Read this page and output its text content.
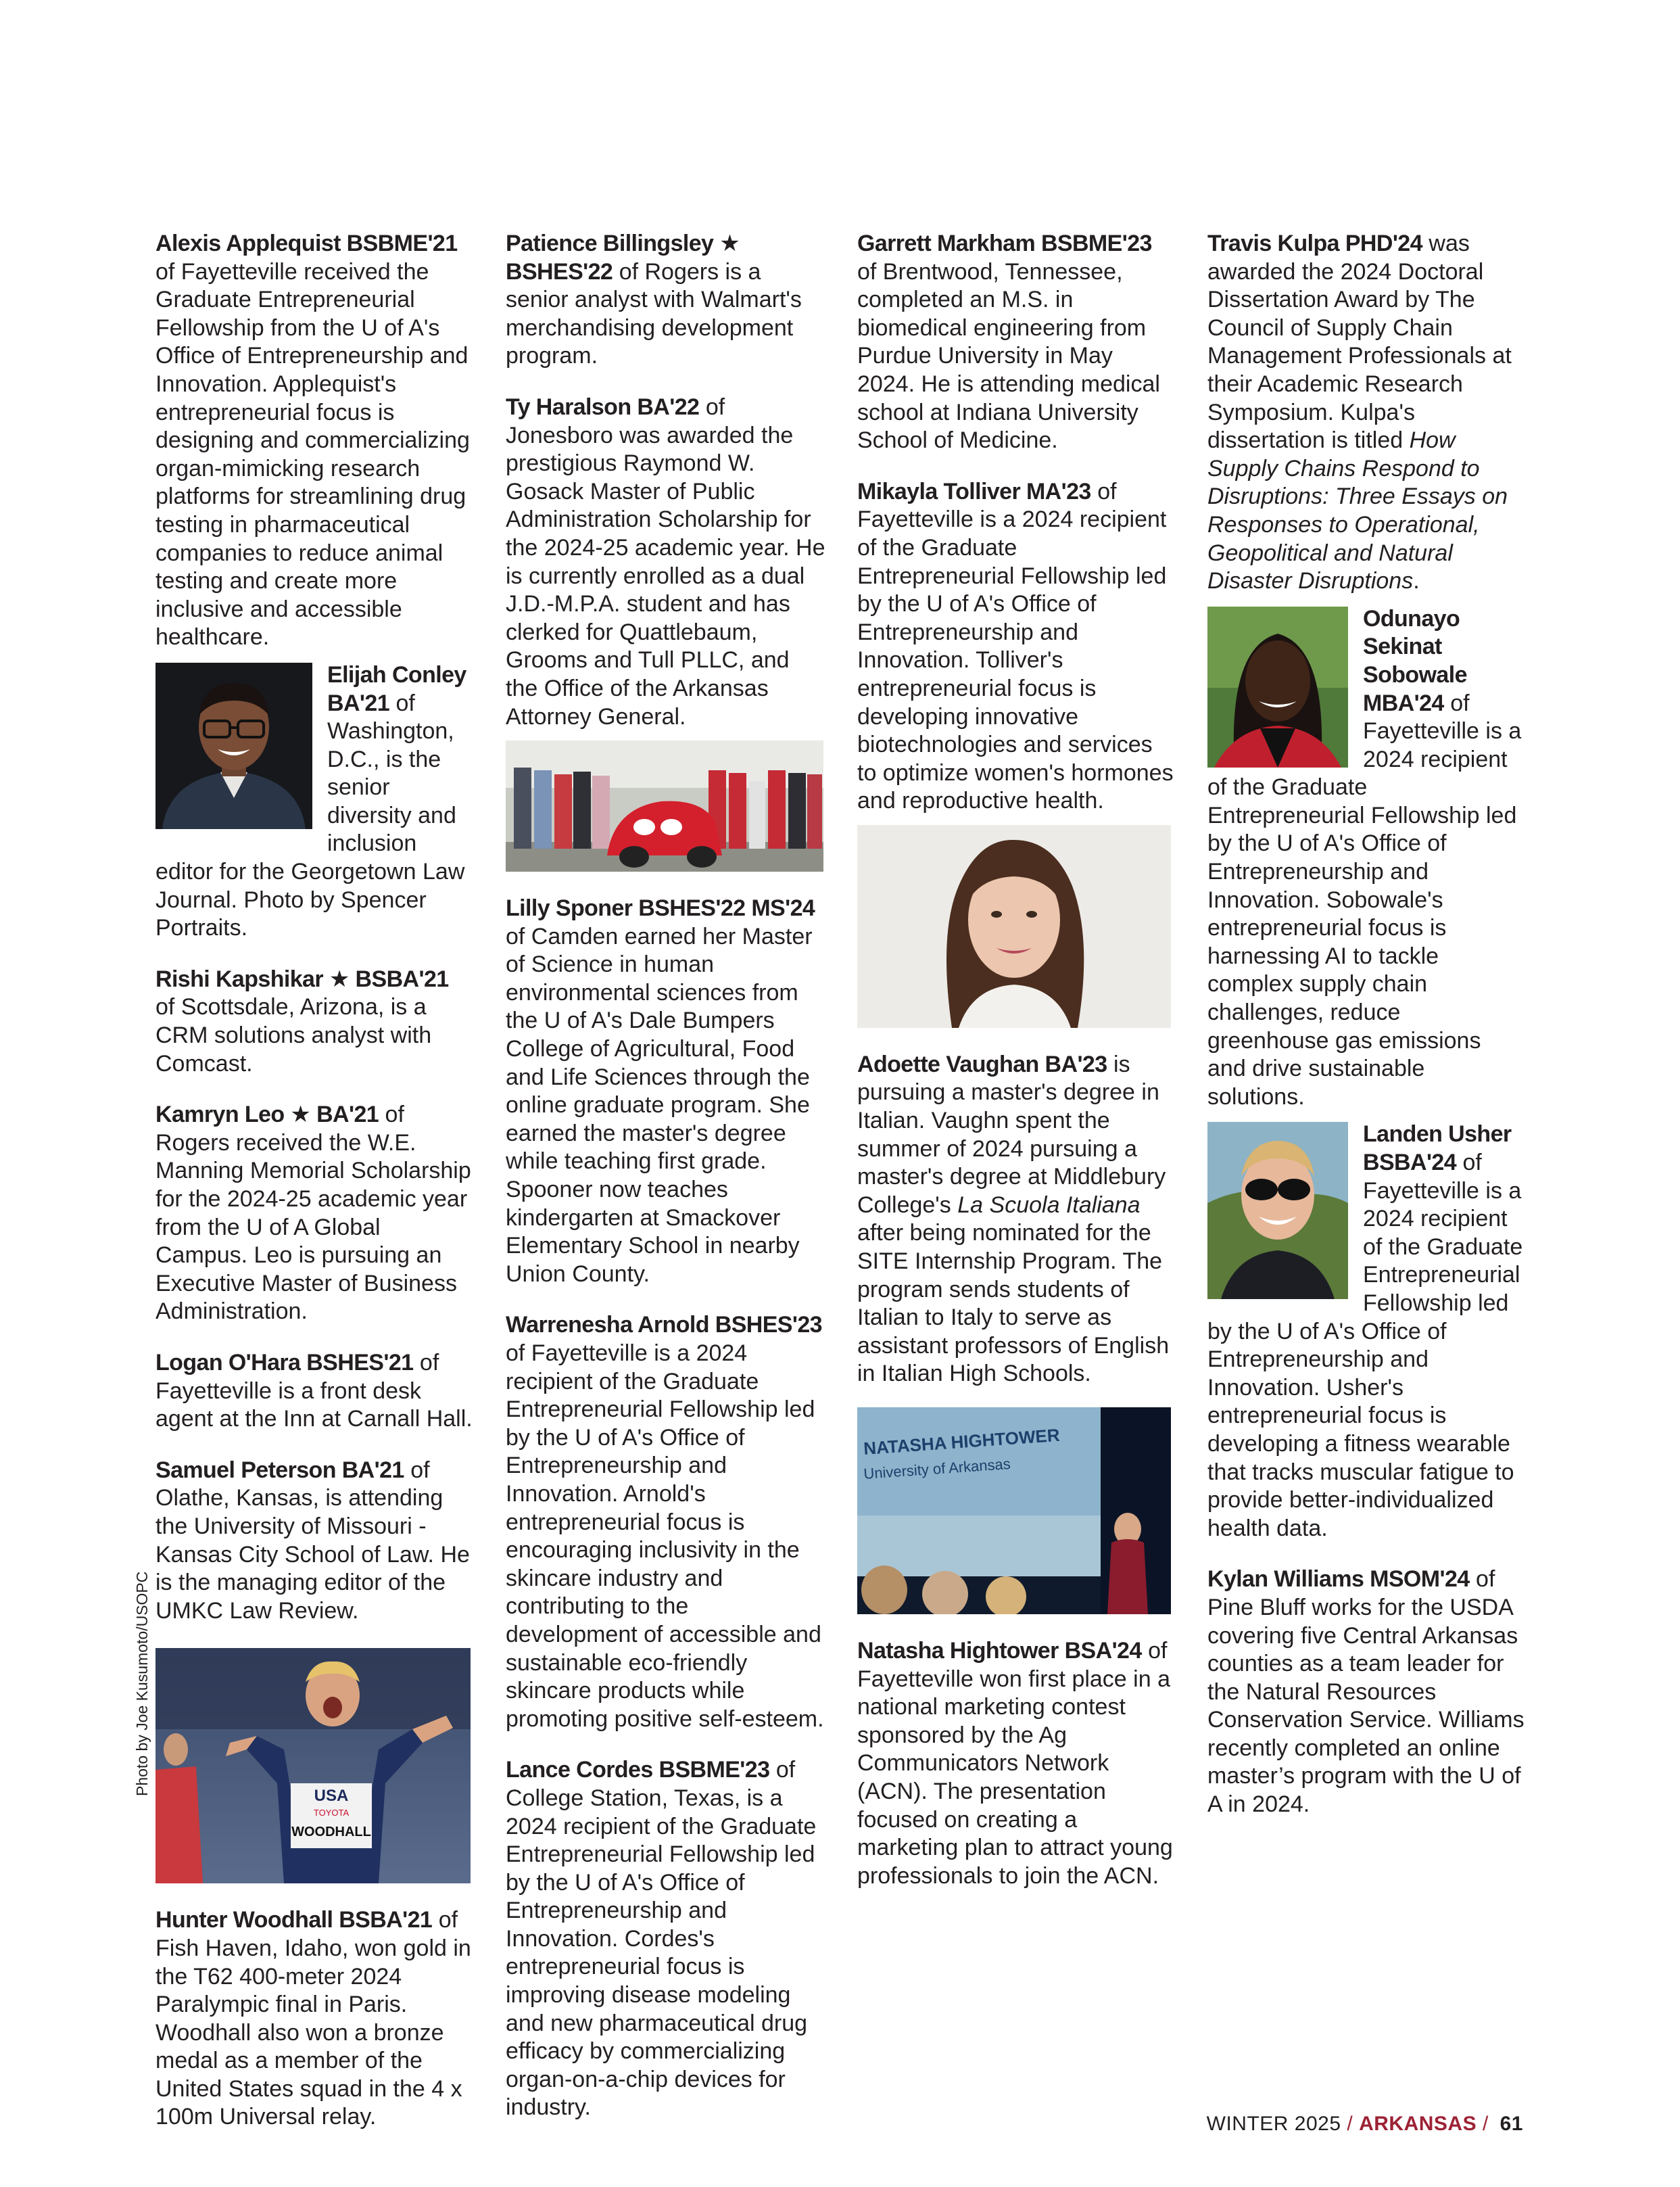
Alexis Applequist BSBME'21 of Fayetteville received the Graduate Entrepreneurial Fellowship from the U of A's Office of Entrepreneurship and Innovation. Applequist's entrepreneurial focus is designing and commercializing organ-mimicking research platforms for streamlining drug testing in pharmaceutical companies to reduce animal testing and create more inclusive and accessible healthcare.

Elijah Conley BA'21 of Washington, D.C., is the senior diversity and inclusion editor for the Georgetown Law Journal. Photo by Spencer Portraits.

Rishi Kapshikar ★ BSBA'21 of Scottsdale, Arizona, is a CRM solutions analyst with Comcast.

Kamryn Leo ★ BA'21 of Rogers received the W.E. Manning Memorial Scholarship for the 2024-25 academic year from the U of A Global Campus. Leo is pursuing an Executive Master of Business Administration.

Logan O'Hara BSHES'21 of Fayetteville is a front desk agent at the Inn at Carnall Hall.

Samuel Peterson BA'21 of Olathe, Kansas, is attending the University of Missouri - Kansas City School of Law. He is the managing editor of the UMKC Law Review.

USA
TOYOTA
WOODHALL

Hunter Woodhall BSBA'21 of Fish Haven, Idaho, won gold in the T62 400-meter 2024 Paralympic final in Paris. Woodhall also won a bronze medal as a member of the United States squad in the 4 x 100m Universal relay.

Photo by Joe Kusumoto/USOPC

Patience Billingsley ★ BSHES'22 of Rogers is a senior analyst with Walmart's merchandising development program.

Ty Haralson BA'22 of Jonesboro was awarded the prestigious Raymond W. Gosack Master of Public Administration Scholarship for the 2024-25 academic year. He is currently enrolled as a dual J.D.-M.P.A. student and has clerked for Quattlebaum, Grooms and Tull PLLC, and the Office of the Arkansas Attorney General.

Lilly Sponer BSHES'22 MS'24 of Camden earned her Master of Science in human environmental sciences from the U of A's Dale Bumpers College of Agricultural, Food and Life Sciences through the online graduate program. She earned the master's degree while teaching first grade. Spooner now teaches kindergarten at Smackover Elementary School in nearby Union County.

Warrenesha Arnold BSHES'23 of Fayetteville is a 2024 recipient of the Graduate Entrepreneurial Fellowship led by the U of A's Office of Entrepreneurship and Innovation. Arnold's entrepreneurial focus is encouraging inclusivity in the skincare industry and contributing to the development of accessible and sustainable eco-friendly skincare products while promoting positive self-esteem.

Lance Cordes BSBME'23 of College Station, Texas, is a 2024 recipient of the Graduate Entrepreneurial Fellowship led by the U of A's Office of Entrepreneurship and Innovation. Cordes's entrepreneurial focus is improving disease modeling and new pharmaceutical drug efficacy by commercializing organ-on-a-chip devices for industry.

Garrett Markham BSBME'23 of Brentwood, Tennessee, completed an M.S. in biomedical engineering from Purdue University in May 2024. He is attending medical school at Indiana University School of Medicine.

Mikayla Tolliver MA'23 of Fayetteville is a 2024 recipient of the Graduate Entrepreneurial Fellowship led by the U of A's Office of Entrepreneurship and Innovation. Tolliver's entrepreneurial focus is developing innovative biotechnologies and services to optimize women's hormones and reproductive health.

Adoette Vaughan BA'23 is pursuing a master's degree in Italian. Vaughn spent the summer of 2024 pursuing a master's degree at Middlebury College's La Scuola Italiana after being nominated for the SITE Internship Program. The program sends students of Italian to Italy to serve as assistant professors of English in Italian High Schools.

NATASHA HIGHTOWER
University of Arkansas

Natasha Hightower BSA'24 of Fayetteville won first place in a national marketing contest sponsored by the Ag Communicators Network (ACN). The presentation focused on creating a marketing plan to attract young professionals to join the ACN.

Travis Kulpa PHD'24 was awarded the 2024 Doctoral Dissertation Award by The Council of Supply Chain Management Professionals at their Academic Research Symposium. Kulpa's dissertation is titled How Supply Chains Respond to Disruptions: Three Essays on Responses to Operational, Geopolitical and Natural Disaster Disruptions.

Odunayo Sekinat Sobowale MBA'24 of Fayetteville is a 2024 recipient of the Graduate Entrepreneurial Fellowship led by the U of A's Office of Entrepreneurship and Innovation. Sobowale's entrepreneurial focus is harnessing AI to tackle complex supply chain challenges, reduce greenhouse gas emissions and drive sustainable solutions.
Landen Usher BSBA'24 of Fayetteville is a 2024 recipient of the Graduate Entrepreneurial Fellowship led by the U of A's Office of Entrepreneurship and Innovation. Usher's entrepreneurial focus is developing a fitness wearable that tracks muscular fatigue to provide better-individualized health data.

Kylan Williams MSOM'24 of Pine Bluff works for the USDA covering five Central Arkansas counties as a team leader for the Natural Resources Conservation Service. Williams recently completed an online master’s program with the U of A in 2024.

WINTER 2025 / ARKANSAS / 61
